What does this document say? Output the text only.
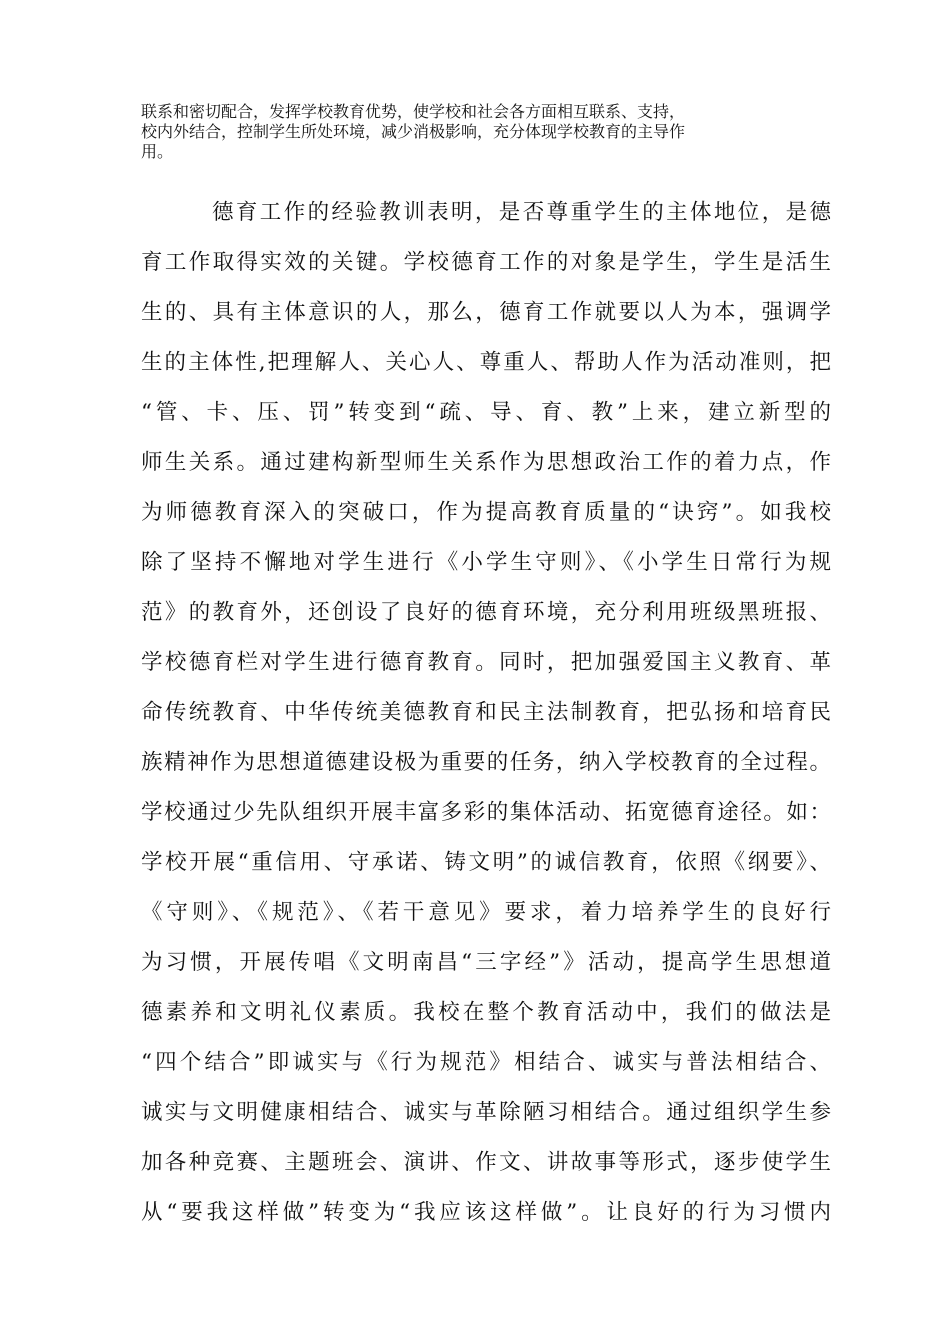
联系和密切配合，发挥学校教育优势，使学校和社会各方面相互联系、支持，
校内外结合，控制学生所处环境，减少消极影响，充分体现学校教育的主导作
用。

德育工作的经验教训表明，是否尊重学生的主体地位，是德
育工作取得实效的关键。学校德育工作的对象是学生，学生是活生
生的、具有主体意识的人，那么，德育工作就要以人为本，强调学
生的主体性,把理解人、关心人、尊重人、帮助人作为活动准则，把
“管、卡、压、罚”转变到“疏、导、育、教”上来，建立新型的
师生关系。通过建构新型师生关系作为思想政治工作的着力点，作
为师德教育深入的突破口，作为提高教育质量的“诀窍”。如我校
除了坚持不懈地对学生进行《小学生守则》、《小学生日常行为规
范》的教育外，还创设了良好的德育环境，充分利用班级黑班报、
学校德育栏对学生进行德育教育。同时，把加强爱国主义教育、革
命传统教育、中华传统美德教育和民主法制教育，把弘扬和培育民
族精神作为思想道德建设极为重要的任务，纳入学校教育的全过程。
学校通过少先队组织开展丰富多彩的集体活动、拓宽德育途径。如：
学校开展“重信用、守承诺、铸文明”的诚信教育，依照《纲要》、
《守则》、《规范》、《若干意见》要求，着力培养学生的良好行
为习惯，开展传唱《文明南昌“三字经”》活动，提高学生思想道
德素养和文明礼仪素质。我校在整个教育活动中，我们的做法是
“四个结合”即诚实与《行为规范》相结合、诚实与普法相结合、
诚实与文明健康相结合、诚实与革除陋习相结合。通过组织学生参
加各种竞赛、主题班会、演讲、作文、讲故事等形式，逐步使学生
从“要我这样做”转变为“我应该这样做”。让良好的行为习惯内
